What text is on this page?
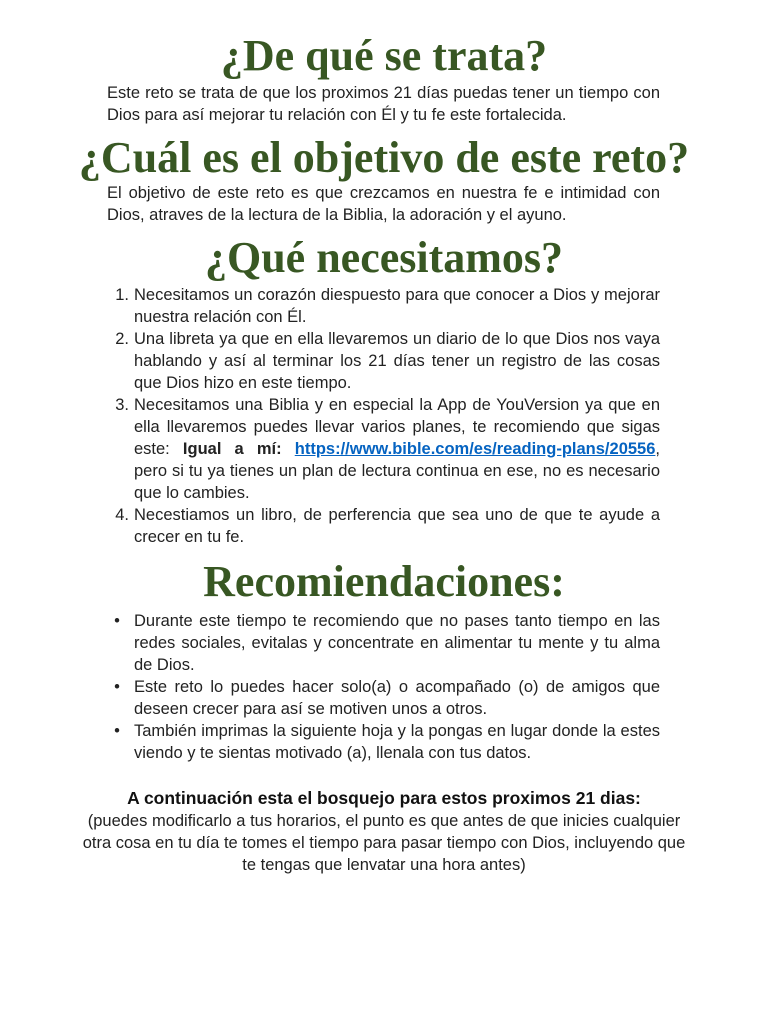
¿De qué se trata?

Este reto se trata de que los proximos 21 días puedas tener un tiempo con Dios para así mejorar tu relación con Él y tu fe este fortalecida.

¿Cuál es el objetivo de este reto?

El objetivo de este reto es que crezcamos en nuestra fe e intimidad con Dios, atraves de la lectura de la Biblia, la adoración y el ayuno.

¿Qué necesitamos?
1. Necesitamos un corazón diespuesto para que conocer a Dios y mejorar nuestra relación con Él.
2. Una libreta ya que en ella llevaremos un diario de lo que Dios nos vaya hablando y así al terminar los 21 días tener un registro de las cosas que Dios hizo en este tiempo.
3. Necesitamos una Biblia y en especial la App de YouVersion ya que en ella llevaremos puedes llevar varios planes, te recomiendo que sigas este: Igual a mí: https://www.bible.com/es/reading-plans/20556, pero si tu ya tienes un plan de lectura continua en ese, no es necesario que lo cambies.
4. Necestiamos un libro, de perferencia que sea uno de que te ayude a crecer en tu fe.
Recomiendaciones:
• Durante este tiempo te recomiendo que no pases tanto tiempo en las redes sociales, evitalas y concentrate en alimentar tu mente y tu alma de Dios.
• Este reto lo puedes hacer solo(a) o acompañado (o) de amigos que deseen crecer para así se motiven unos a otros.
• También imprimas la siguiente hoja y la pongas en lugar donde la estes viendo y te sientas motivado (a), llenala con tus datos.

A continuación esta el bosquejo para estos proximos 21 dias:

(puedes modificarlo a tus horarios, el punto es que antes de que inicies cualquier otra cosa en tu día te tomes el tiempo para pasar tiempo con Dios, incluyendo que te tengas que lenvatar una hora antes)
